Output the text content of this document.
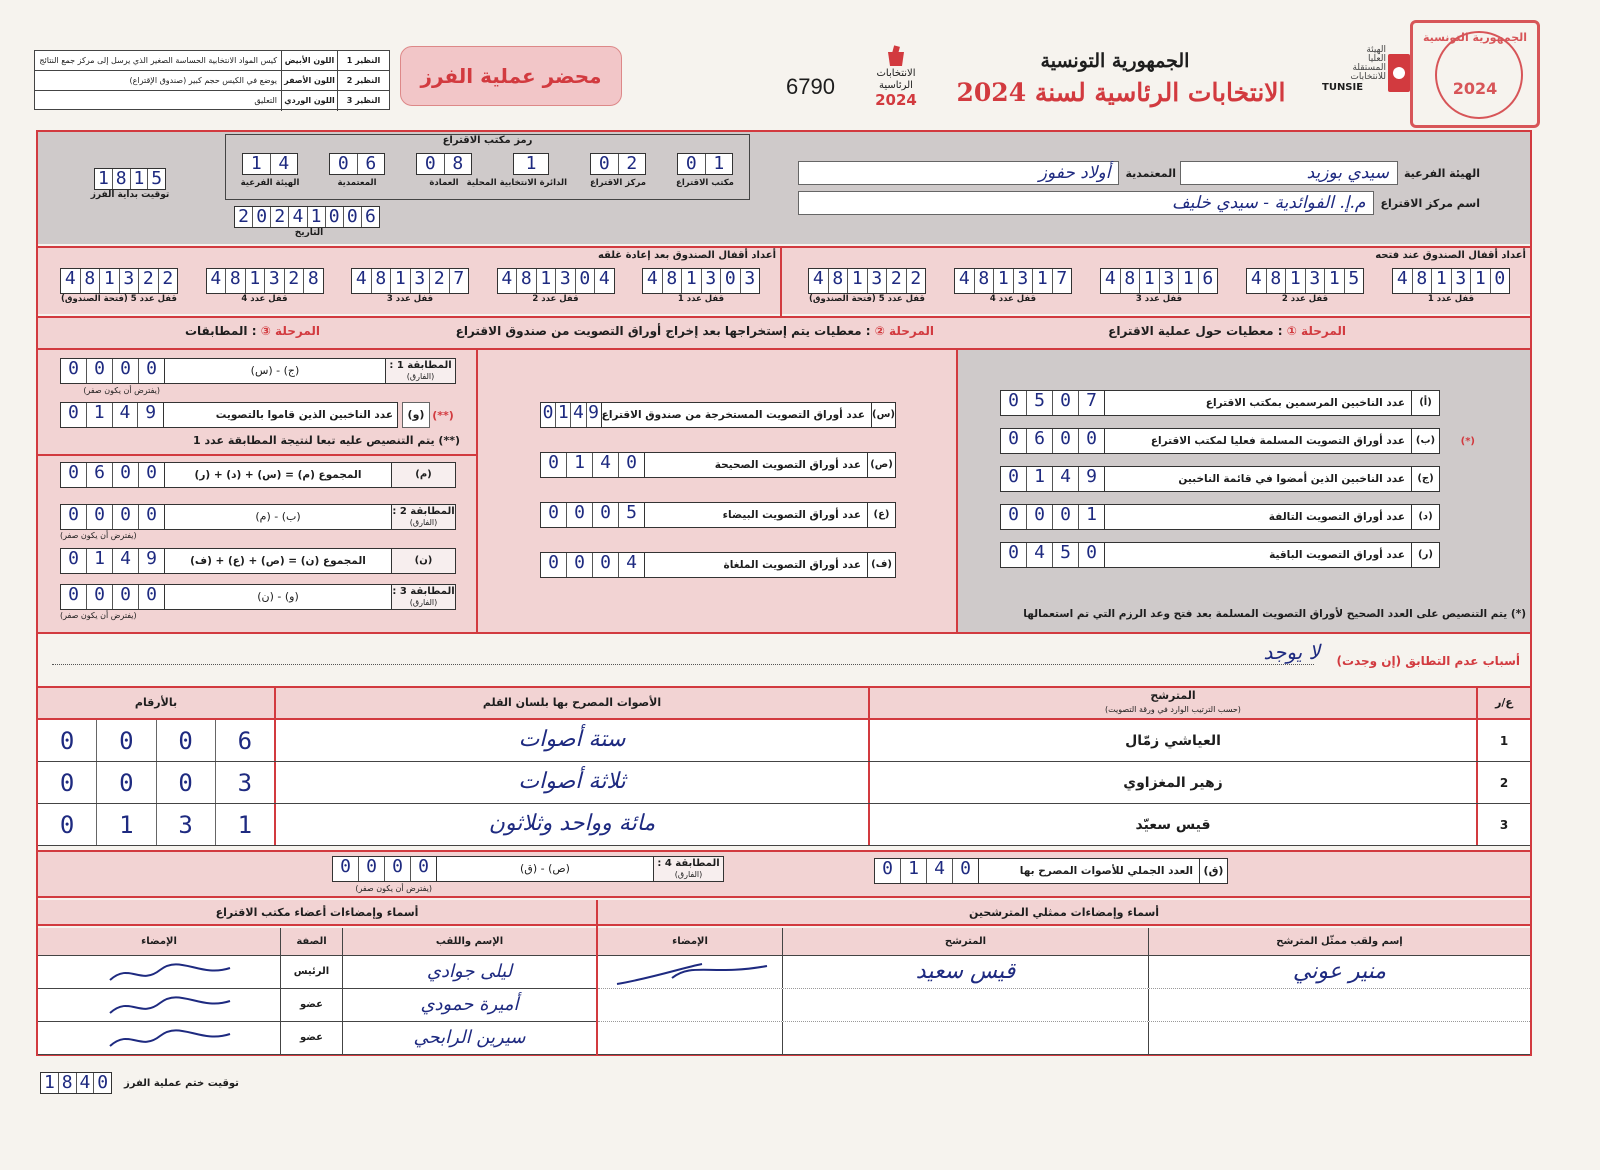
النظير 1
اللون الأبيض
كيس المواد الانتخابية الحساسة الصغير الذي يرسل إلى مركز جمع النتائج
النظير 2
اللون الأصفر
يوضع في الكيس حجم كبير (صندوق الإقتراع)
النظير 3
اللون الوردي
التعليق
محضر عملية الفرز	6790
الانتخابات الرئاسية
2024
الجمهورية التونسية
الانتخابات الرئاسية لسنة 2024
الهيئة
العليا
المستقلة
للانتخابات
TUNSIE
الجمهورية التونسية
2024
رمز مكتب الاقتراع
1 4
الهيئة الفرعية
0 6
المعتمدية
0 8
العمادة
1
الدائرة الانتخابية المحلية
0 2
مركز الاقتراع
0 1
مكتب الاقتراع
1 8 1 5
توقيت بداية الفرز
2 0 2 4 1 0 0 6
التاريخ
الهيئة الفرعية
سيدي بوزيد
المعتمدية
أولاد حفوز
اسم مركز الاقتراع
م.إ. الفوائدية - سيدي خليف
أعداد أقفال الصندوق بعد إعادة غلقه	أعداد أقفال الصندوق عند فتحه
4 8 1 3 2 2
قفل عدد 5 (فتحة الصندوق)
4 8 1 3 2 8
قفل عدد 4
4 8 1 3 2 7
قفل عدد 3
4 8 1 3 0 4
قفل عدد 2
4 8 1 3 0 3
قفل عدد 1
4 8 1 3 2 2
قفل عدد 5 (فتحة الصندوق)
4 8 1 3 1 7
قفل عدد 4
4 8 1 3 1 6
قفل عدد 3
4 8 1 3 1 5
قفل عدد 2
4 8 1 3 1 0
قفل عدد 1
المرحلة ① : معطيات حول عملية الاقتراع
المرحلة ② : معطيات يتم إستخراجها بعد إخراج أوراق التصويت من صندوق الاقتراع
المرحلة ③ : المطابقات
0 5 0 7	عدد الناخبين المرسمين بمكتب الاقتراع	(أ)
0 6 0 0	عدد أوراق التصويت المسلمة فعليا لمكتب الاقتراع	(ب)	(*)
0 1 4 9	عدد الناخبين الذين أمضوا في قائمة الناخبين	(ج)
0 0 0 1	عدد أوراق التصويت التالفة	(د)
0 4 5 0	عدد أوراق التصويت الباقية	(ر)
(*) يتم التنصيص على العدد الصحيح لأوراق التصويت المسلمة بعد فتح وعد الرزم التي تم استعمالها
0 1 4 9 عدد أوراق التصويت المستخرجة من صندوق الاقتراع (س)
0 1 4 0	عدد أوراق التصويت الصحيحة (ص)
0 0 0 5	عدد أوراق التصويت البيضاء	(ع)
0 0 0 4	عدد أوراق التصويت الملغاة	(ف)
0 0 0 0	(ج) - (س)	المطابقة 1 :
(الفارق)
(يفترض أن يكون صفر)
0 1 4 9	عدد الناخبين الذين قاموا بالتصويت	(و) (**)
(**) يتم التنصيص عليه تبعا لنتيجة المطابقة عدد 1
0 6 0 0	المجموع (م) = (س) + (د) + (ر)	(م)
0 0 0 0	(ب) - (م)	المطابقة 2 :
(الفارق)
(يفترض أن يكون صفر)
0 1 4 9	المجموع (ن) = (ص) + (ع) + (ف)	(ن)
0 0 0 0	(و) - (ن)	المطابقة 3 :
(الفارق)
(يفترض أن يكون صفر)
أسباب عدم التطابق (إن وجدت)
لا يوجد
ع/ر
المترشح
(حسب الترتيب الوارد في ورقة التصويت)
الأصوات المصرح بها بلسان القلم
بالأرقام
1
العياشي زمّال
ستة أصوات
0	0	0	6
2
زهير المغزاوي
ثلاثة أصوات
0	0	0	3
3
قيس سعيّد
مائة وواحد وثلاثون
0	1	3	1
0 1 4 0	العدد الجملي للأصوات المصرح بها (ق)
0 0 0 0	(ص) - (ق)	المطابقة 4 :
(الفارق)
(يفترض أن يكون صفر)
أسماء وإمضاءات أعضاء مكتب الاقتراع	أسماء وإمضاءات ممثلي المترشحين
الإسم واللقب
الصفة
الإمضاء
ليلى جوادي
الرئيس
أميرة حمودي
عضو
سيرين الرابحي
عضو
إسم ولقب ممثّل المترشح
المترشح
الإمضاء
منير عوني
قيس سعيد
1 8 4 0 توقيت ختم عملية الفرز
